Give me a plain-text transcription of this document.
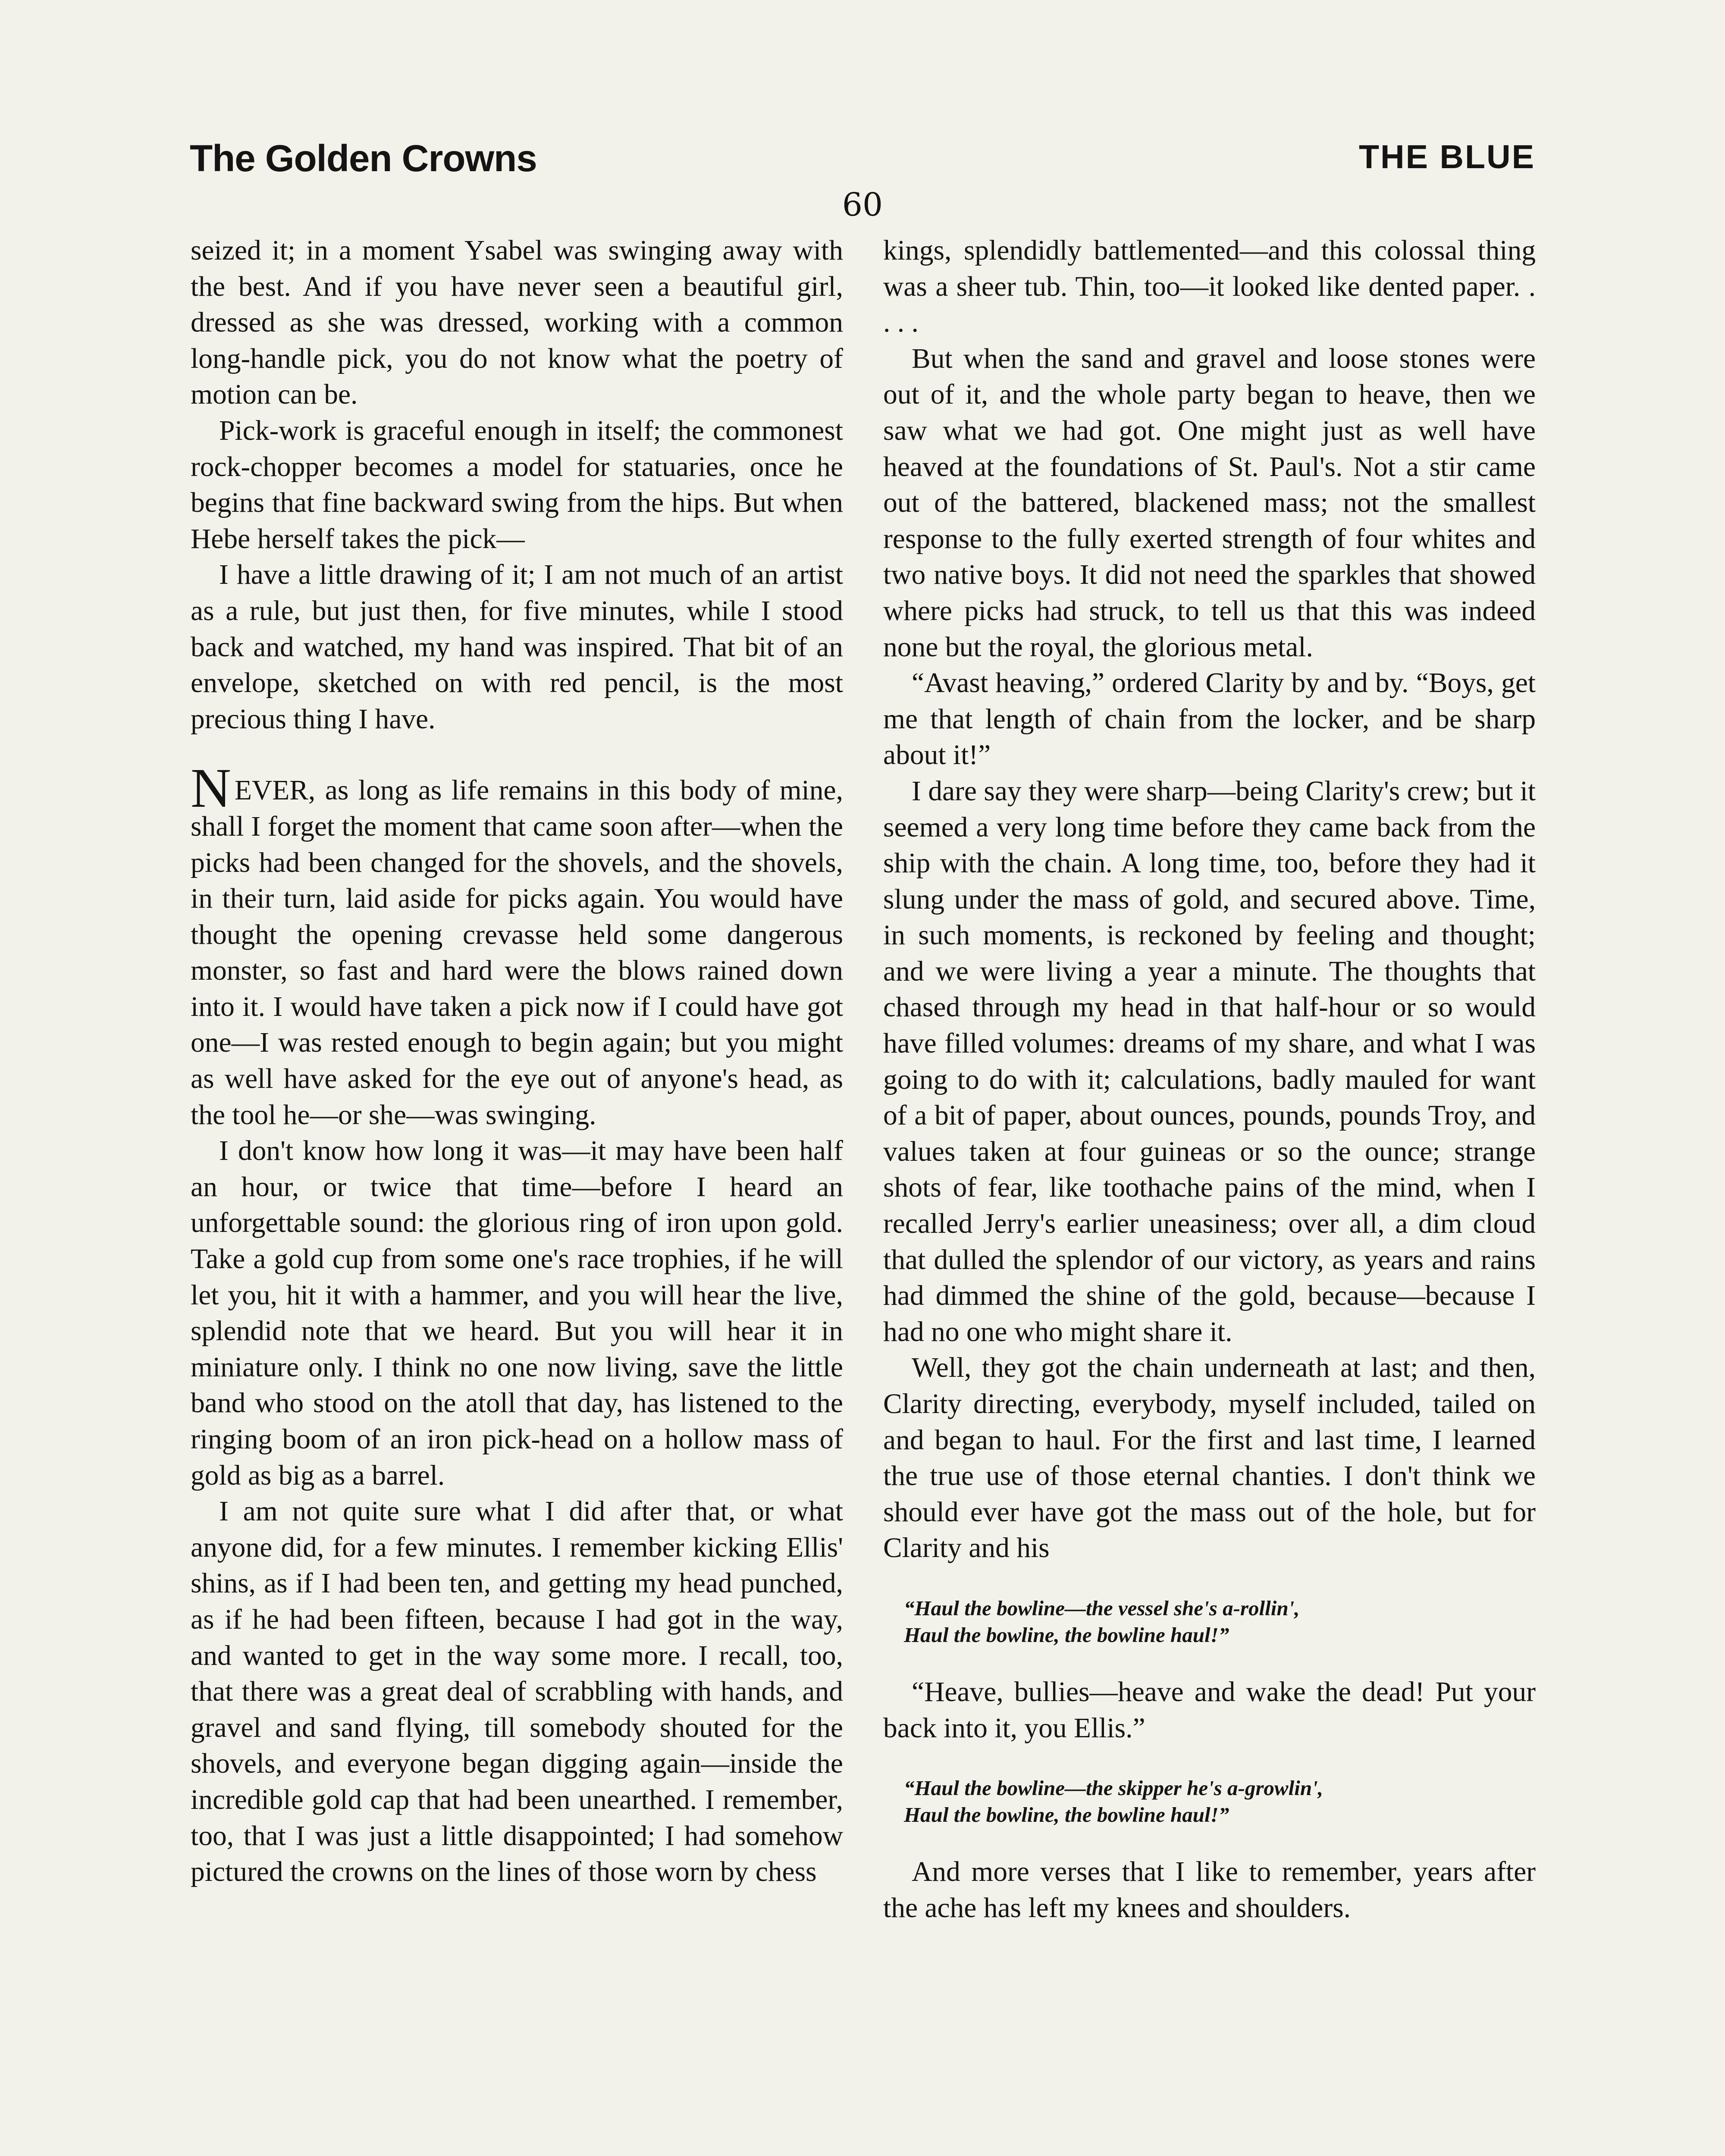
The Golden Crowns	THE BLUE
60

seized it; in a moment Ysabel was swinging away with the best. And if you have never seen a beautiful girl, dressed as she was dressed, working with a common long-handle pick, you do not know what the poetry of motion can be.

Pick-work is graceful enough in itself; the commonest rock-chopper becomes a model for statuaries, once he begins that fine backward swing from the hips. But when Hebe herself takes the pick—

I have a little drawing of it; I am not much of an artist as a rule, but just then, for five minutes, while I stood back and watched, my hand was inspired. That bit of an envelope, sketched on with red pencil, is the most precious thing I have.

NEVER, as long as life remains in this body of mine, shall I forget the moment that came soon after—when the picks had been changed for the shovels, and the shovels, in their turn, laid aside for picks again. You would have thought the opening crevasse held some dangerous monster, so fast and hard were the blows rained down into it. I would have taken a pick now if I could have got one—I was rested enough to begin again; but you might as well have asked for the eye out of anyone's head, as the tool he—or she—was swinging.

I don't know how long it was—it may have been half an hour, or twice that time—before I heard an unforgettable sound: the glorious ring of iron upon gold. Take a gold cup from some one's race trophies, if he will let you, hit it with a hammer, and you will hear the live, splendid note that we heard. But you will hear it in miniature only. I think no one now living, save the little band who stood on the atoll that day, has listened to the ringing boom of an iron pick-head on a hollow mass of gold as big as a barrel.

I am not quite sure what I did after that, or what anyone did, for a few minutes. I remember kicking Ellis' shins, as if I had been ten, and getting my head punched, as if he had been fifteen, because I had got in the way, and wanted to get in the way some more. I recall, too, that there was a great deal of scrabbling with hands, and gravel and sand flying, till somebody shouted for the shovels, and everyone began digging again—inside the incredible gold cap that had been unearthed. I remember, too, that I was just a little disappointed; I had somehow pictured the crowns on the lines of those worn by chess

kings, splendidly battlemented—and this colossal thing was a sheer tub. Thin, too—it looked like dented paper. . . . .

But when the sand and gravel and loose stones were out of it, and the whole party began to heave, then we saw what we had got. One might just as well have heaved at the foundations of St. Paul's. Not a stir came out of the battered, blackened mass; not the smallest response to the fully exerted strength of four whites and two native boys. It did not need the sparkles that showed where picks had struck, to tell us that this was indeed none but the royal, the glorious metal.

“Avast heaving,” ordered Clarity by and by. “Boys, get me that length of chain from the locker, and be sharp about it!”

I dare say they were sharp—being Clarity's crew; but it seemed a very long time before they came back from the ship with the chain. A long time, too, before they had it slung under the mass of gold, and secured above. Time, in such moments, is reckoned by feeling and thought; and we were living a year a minute. The thoughts that chased through my head in that half-hour or so would have filled volumes: dreams of my share, and what I was going to do with it; calculations, badly mauled for want of a bit of paper, about ounces, pounds, pounds Troy, and values taken at four guineas or so the ounce; strange shots of fear, like toothache pains of the mind, when I recalled Jerry's earlier uneasiness; over all, a dim cloud that dulled the splendor of our victory, as years and rains had dimmed the shine of the gold, because—because I had no one who might share it.

Well, they got the chain underneath at last; and then, Clarity directing, everybody, myself included, tailed on and began to haul. For the first and last time, I learned the true use of those eternal chanties. I don't think we should ever have got the mass out of the hole, but for Clarity and his

“Haul the bowline—the vessel she's a-rollin',
Haul the bowline, the bowline haul!”

“Heave, bullies—heave and wake the dead! Put your back into it, you Ellis.”

“Haul the bowline—the skipper he's a-growlin',
Haul the bowline, the bowline haul!”

And more verses that I like to remember, years after the ache has left my knees and shoulders.
